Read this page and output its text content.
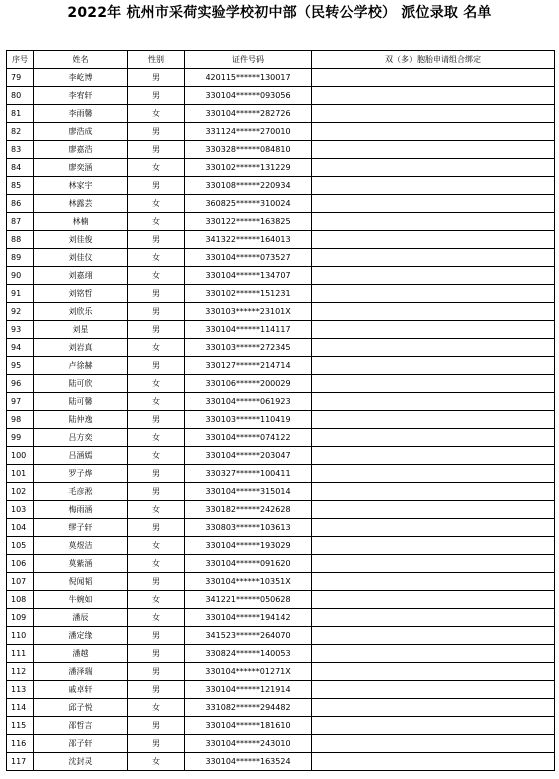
2022年 杭州市采荷实验学校初中部（民转公学校） 派位录取 名单
序号	姓名	性别	证件号码	双（多）胞胎申请组合绑定
79	李屹博	男	420115******130017	
80	李宥轩	男	330104******093056	
81	李雨馨	女	330104******282726	
82	廖浩成	男	331124******270010	
83	廖嘉浩	男	330328******084810	
84	廖奕涵	女	330102******131229	
85	林家宇	男	330108******220934	
86	林露芸	女	360825******310024	
87	林楠	女	330122******163825	
88	刘佳俊	男	341322******164013	
89	刘佳仪	女	330104******073527	
90	刘嘉翊	女	330104******134707	
91	刘铭哲	男	330102******151231	
92	刘欣乐	男	330103******23101X	
93	刘星	男	330104******114117	
94	刘岩真	女	330103******272345	
95	卢徐赫	男	330127******214714	
96	陆可欣	女	330106******200029	
97	陆可馨	女	330104******061923	
98	陆仲逸	男	330103******110419	
99	吕方奕	女	330104******074122	
100	吕涵嫣	女	330104******203047	
101	罗子烨	男	330327******100411	
102	毛彦淞	男	330104******315014	
103	梅雨涵	女	330182******242628	
104	缪子轩	男	330803******103613	
105	莫煜洁	女	330104******193029	
106	莫紫涵	女	330104******091620	
107	倪闻韬	男	330104******10351X	
108	牛婉如	女	341221******050628	
109	潘辰	女	330104******194142	
110	潘定缘	男	341523******264070	
111	潘越	男	330824******140053	
112	潘泽瑞	男	330104******01271X	
113	戚卓轩	男	330104******121914	
114	邱子悦	女	331082******294482	
115	邵哲言	男	330104******181610	
116	邵子轩	男	330104******243010	
117	沈封灵	女	330104******163524	
